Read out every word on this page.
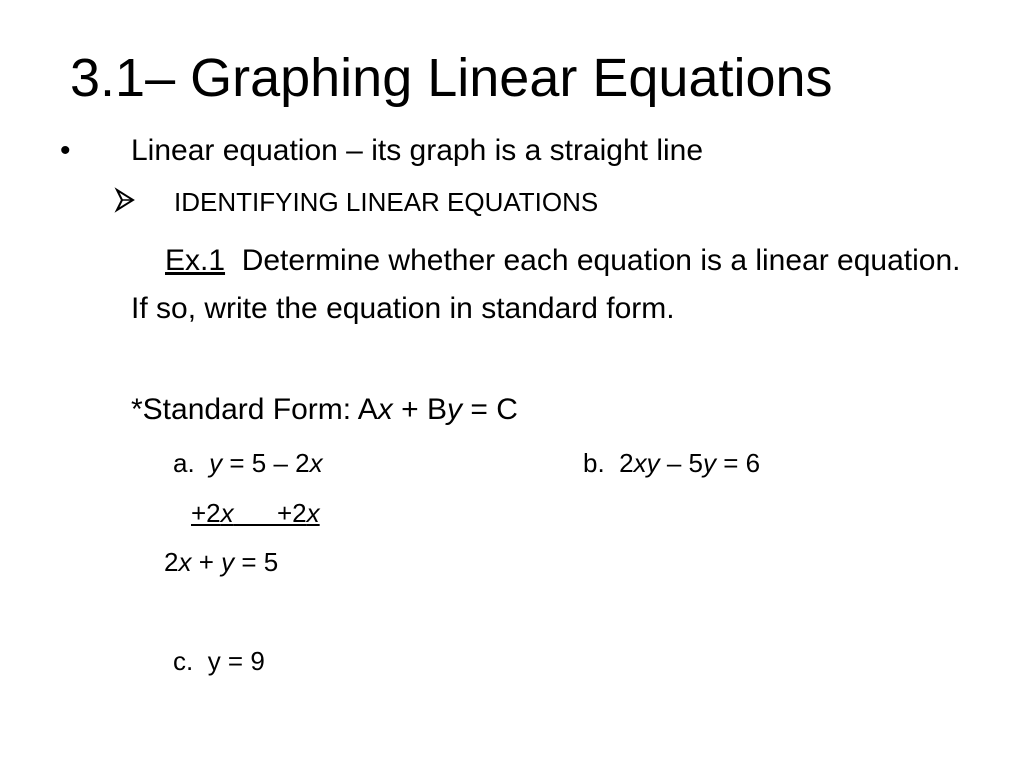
3.1– Graphing Linear Equations
• Linear equation – its graph is a straight line
IDENTIFYING LINEAR EQUATIONS
Ex.1 Determine whether each equation is a linear equation. If so, write the equation in standard form.
*Standard Form: Ax + By = C
a. y = 5 – 2x	b. 2xy – 5y = 6
+2x      +2x
2x + y = 5
c. y = 9
